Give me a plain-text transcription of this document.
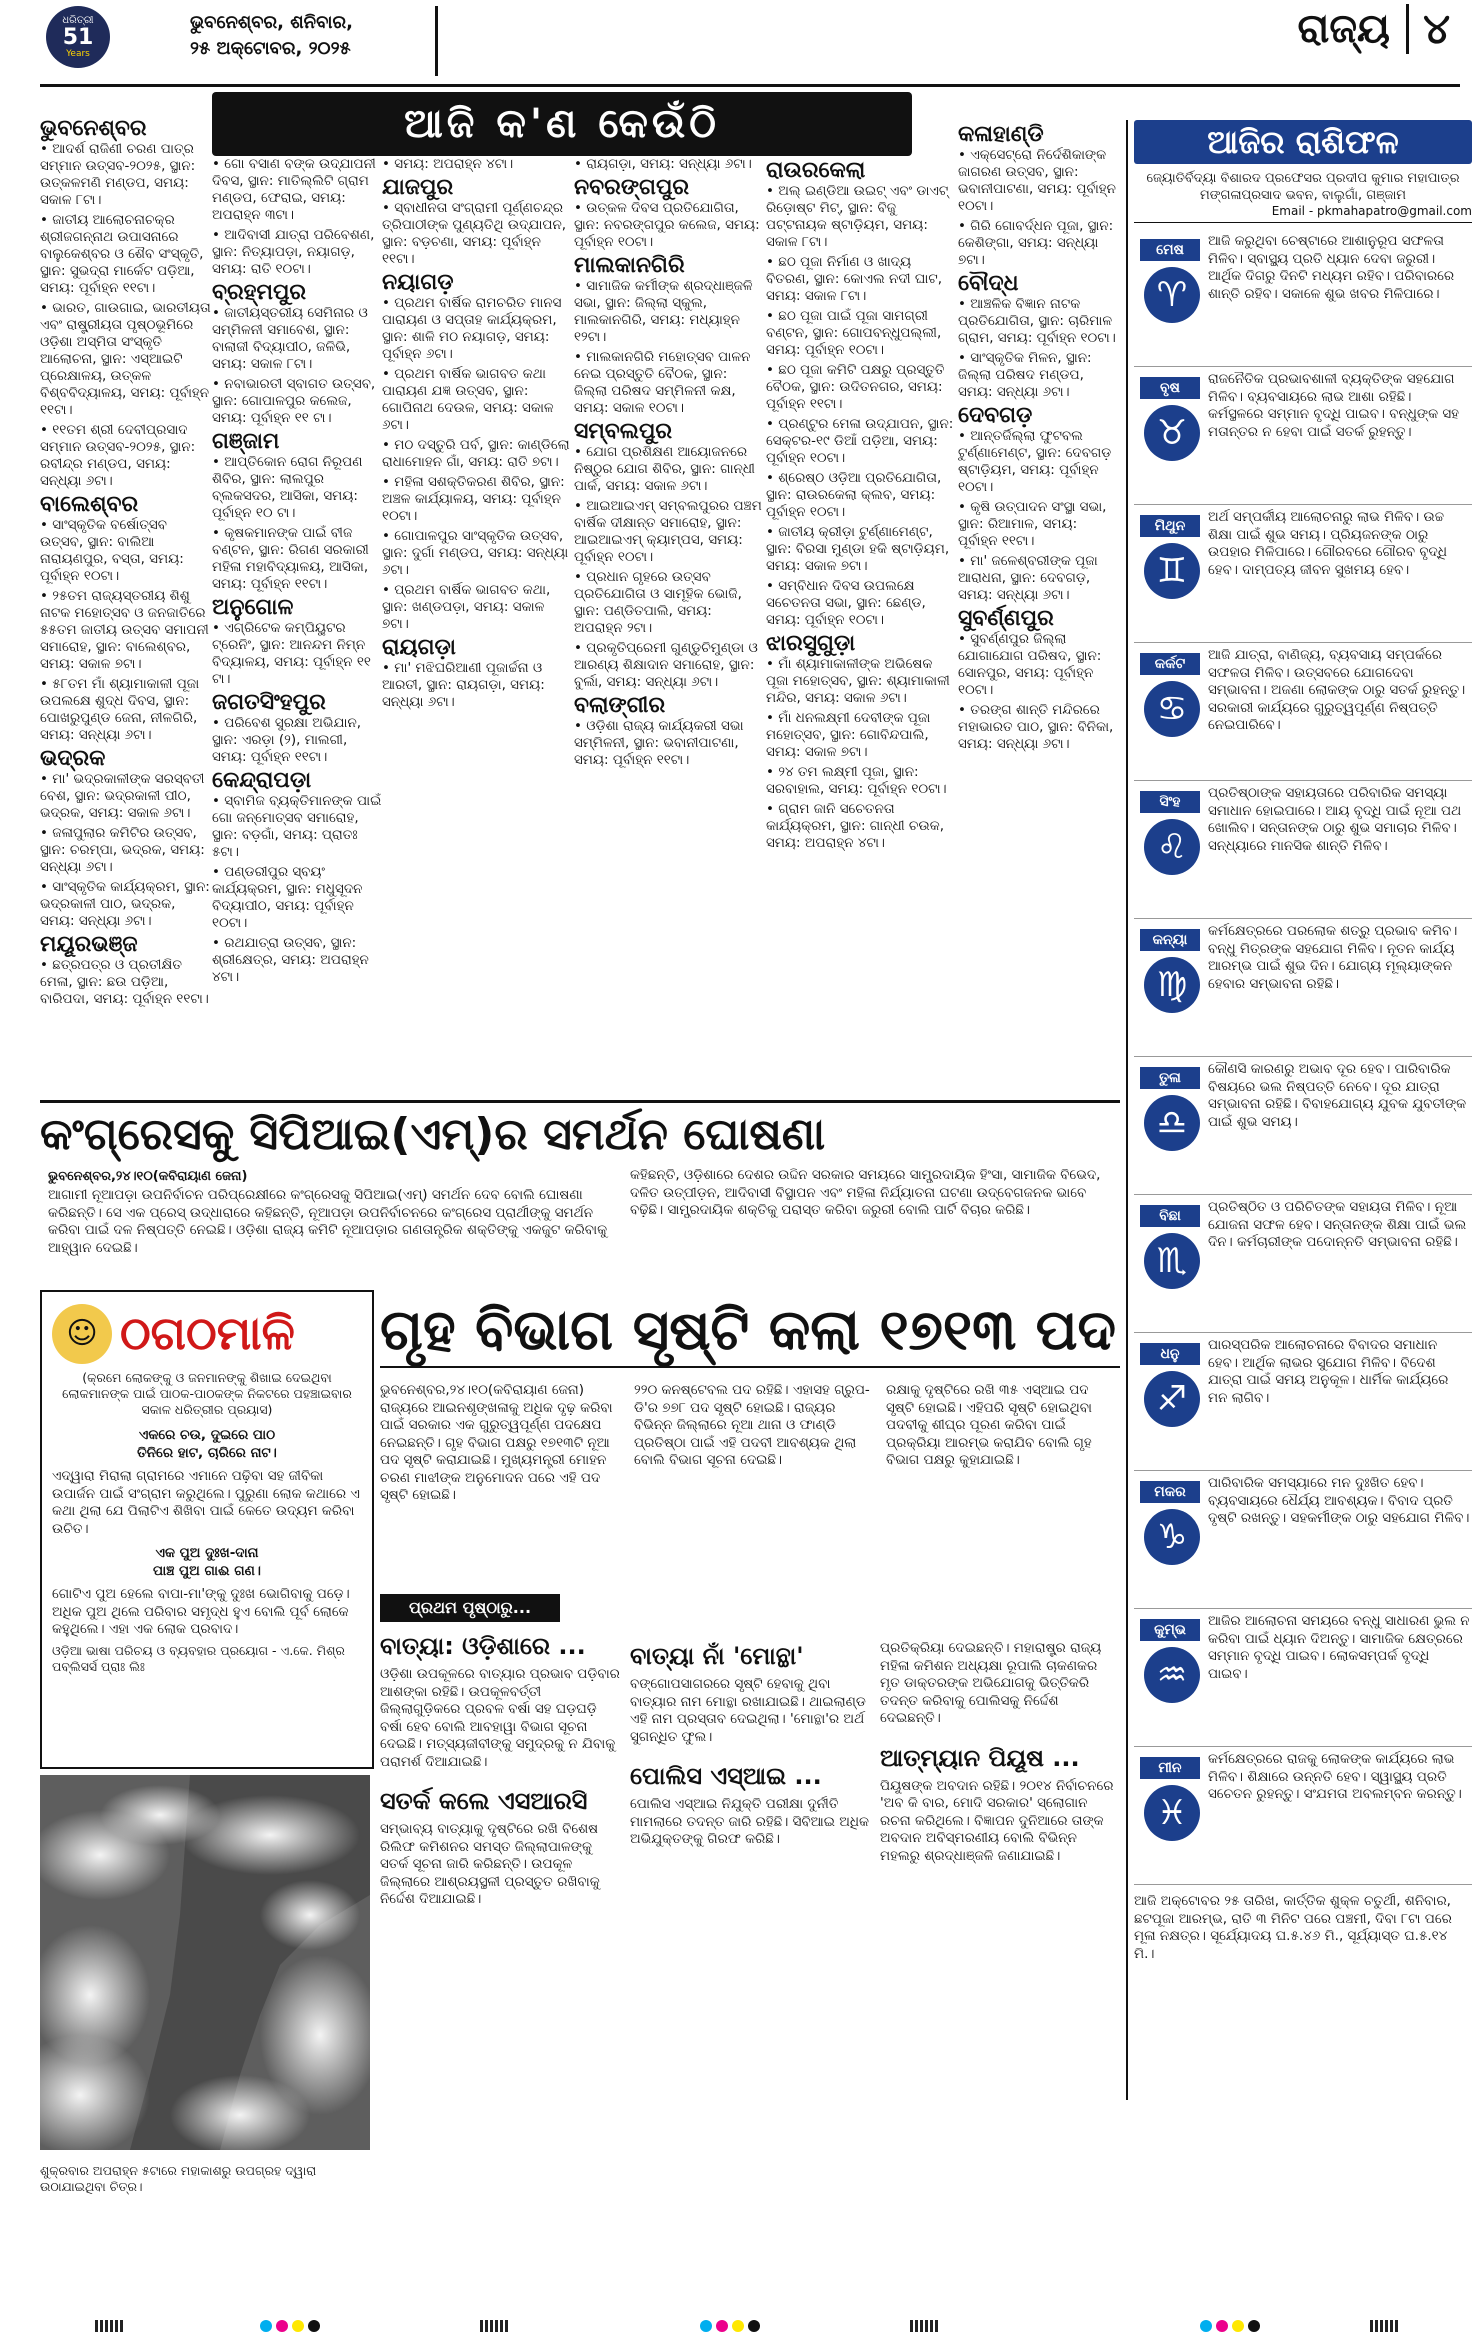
ଧରିତ୍ରୀ
51
Years
ଭୁବନେଶ୍ବର, ଶନିବାର,
୨୫ ଅକ୍ଟୋବର, ୨୦୨୫	ରାଜ୍ୟ ୪
ଭୁବନେଶ୍ବର
• ଆଦର୍ଶ ରାଜିଣୀ ଚରଣ ପାତ୍ର ସମ୍ମାନ ଉତ୍ସବ-୨୦୨୫, ସ୍ଥାନ: ଉତ୍କଳମଣି ମଣ୍ଡପ, ସମୟ: ସକାଳ ୮ଟା।
• ଜାତୀୟ ଆଲୋଚନାଚକ୍ର ଶ୍ରୀଜଗନ୍ନାଥ ଉପାସନାରେ ବାଲୁକେଶ୍ବର ଓ ଶୈବ ସଂସ୍କୃତି, ସ୍ଥାନ: ସୁଭଦ୍ରା ମାର୍କେଟ ପଡ଼ିଆ, ସମୟ: ପୂର୍ବାହ୍ନ ୧୧ଟା।
• ଭାରତ, ଗାଉଗାଇ, ଭାରତୀୟତା ଏବଂ ରାଷ୍ଟ୍ରୀୟତା ପୃଷ୍ଠଭୂମିରେ ଓଡ଼ିଶା ଅସ୍ମିତା ସଂସ୍କୃତି ଆଲୋଚନା, ସ୍ଥାନ: ଏସ୍‌ଆଇଟି ପ୍ରେକ୍ଷାଳୟ, ଉତ୍କଳ ବିଶ୍ବବିଦ୍ୟାଳୟ, ସମୟ: ପୂର୍ବାହ୍ନ ୧୧ଟା।
• ୧୧ତମ ଶ୍ରୀ ଦେବୀପ୍ରସାଦ ସମ୍ମାନ ଉତ୍ସବ-୨୦୨୫, ସ୍ଥାନ: ରବୀନ୍ଦ୍ର ମଣ୍ଡପ, ସମୟ: ସନ୍ଧ୍ୟା ୬ଟା।
ବାଲେଶ୍ବର
• ସାଂସ୍କୃତିକ ବର୍ଷୋତ୍ସବ ଉତ୍ସବ, ସ୍ଥାନ: ବାଲିଆ ନାରାୟଣପୁର, ବସ୍ତା, ସମୟ: ପୂର୍ବାହ୍ନ ୧୦ଟା।
• ୨୫ତମ ରାଜ୍ୟସ୍ତରୀୟ ଶିଶୁ ନାଟକ ମହୋତ୍ସବ ଓ ଜନଜାତିରେ ୫୫ତମ ଜାତୀୟ ଉତ୍ସବ ସମାପନୀ ସମାରୋହ, ସ୍ଥାନ: ବାଲେଶ୍ବର, ସମୟ: ସକାଳ ୭ଟା।
• ୫୮ତମ ମାଁ ଶ୍ୟାମାକାଳୀ ପୂଜା ଉପଲକ୍ଷେ ଶୁଦ୍ଧ ଦିବସ, ସ୍ଥାନ: ପୋଖରୁପୁଣ୍ଡ ଜେନା, ନୀଳଗିରି, ସମୟ: ସନ୍ଧ୍ୟା ୬ଟା।
ଭଦ୍ରକ
• ମା' ଭଦ୍ରକାଳୀଙ୍କ ସରସ୍ବତୀ ବେଶ, ସ୍ଥାନ: ଭଦ୍ରକାଳୀ ପୀଠ, ଭଦ୍ରକ, ସମୟ: ସକାଳ ୬ଟା।
• ଜଳାପୁଲାର କମିଟିର ଉତ୍ସବ, ସ୍ଥାନ: ଚରମ୍ପା, ଭଦ୍ରକ, ସମୟ: ସନ୍ଧ୍ୟା ୬ଟା।
• ସାଂସ୍କୃତିକ କାର୍ଯ୍ୟକ୍ରମ, ସ୍ଥାନ: ଭଦ୍ରକାଳୀ ପାଠ, ଭଦ୍ରକ, ସମୟ: ସନ୍ଧ୍ୟା ୬ଟା।
ମୟୂରଭଞ୍ଜ
• ଛତ୍ରପତ୍ର ଓ ପ୍ରତୀକ୍ଷିତ ମେଳା, ସ୍ଥାନ: ଛଉ ପଡ଼ିଆ, ବାରିପଦା, ସମୟ: ପୂର୍ବାହ୍ନ ୧୧ଟା।
• ଗୋ ବସାଣ ବଙ୍କ ଉଦ୍‌ଯାପନୀ ଦିବସ, ସ୍ଥାନ: ମାତିଲ୍ଲିଟି ଗ୍ରାମ ମଣ୍ଡପ, ଫେରାଇ, ସମୟ: ଅପରାହ୍ନ ୩ଟା।
• ଆଦିବାସୀ ଯାତ୍ରା ପରିବେଶଣ, ସ୍ଥାନ: ନିତ୍ୟାପଡ଼ା, ନୟାଗଡ଼, ସମୟ: ରାତି ୧୦ଟା।
ବ୍ରହ୍ମପୁର
• ଜାତୀୟସ୍ତରୀୟ ସେମିନାର ଓ ସମ୍ମିଳନୀ ସମାବେଶ, ସ୍ଥାନ: ବାଲାଜୀ ବିଦ୍ୟାପୀଠ, ଜଳିଭି, ସମୟ: ସକାଳ ୮ଟା।
• ନବାଭାରତୀ ସ୍ବାଗତ ଉତ୍ସବ, ସ୍ଥାନ: ଗୋପାଳପୁର କଲେଜ, ସମୟ: ପୂର୍ବାହ୍ନ ୧୧ ଟା।
ଗଞ୍ଜାମ
• ଆପ୍ତିକୋନ ରୋଗ ନିରୂପଣ ଶିବିର, ସ୍ଥାନ: ଲାଲପୁର ବ୍ଲକସଦର, ଆସିକା, ସମୟ: ପୂର୍ବାହ୍ନ ୧୦ ଟା।
• କୃଷକମାନଙ୍କ ପାଇଁ ବୀଜ ବଣ୍ଟନ, ସ୍ଥାନ: ରିଗଣ ସରକାରୀ ମହିଳା ମହାବିଦ୍ୟାଳୟ, ଆସିକା, ସମୟ: ପୂର୍ବାହ୍ନ ୧୧ଟା।
ଅନୁଗୋଳ
• ଏଗ୍ରିଟେକ କମ୍ପିୟୁଟର ଟ୍ରେନିଂ, ସ୍ଥାନ: ଆନନ୍ଦମ ନିମ୍ନ ବିଦ୍ୟାଳୟ, ସମୟ: ପୂର୍ବାହ୍ନ ୧୧ ଟା।
ଜଗତସିଂହପୁର
• ପରିବେଶ ସୁରକ୍ଷା ଅଭିଯାନ, ସ୍ଥାନ: ଏରଡ଼ା (୨), ମାଲଗୀ, ସମୟ: ପୂର୍ବାହ୍ନ ୧୧ଟା।
କେନ୍ଦ୍ରାପଡ଼ା
• ସ୍ବାମିଜ ବ୍ୟକ୍ତିମାନଙ୍କ ପାଇଁ ଗୋ ଜନ୍ମୋତ୍ସବ ସମାରୋହ, ସ୍ଥାନ: ବଡ଼ଗାଁ, ସମୟ: ପ୍ରାତଃ ୫ଟା।
• ପଣ୍ଡରୀପୁର ସ୍ବୟଂ କାର୍ଯ୍ୟକ୍ରମ, ସ୍ଥାନ: ମଧୁସୂଦନ ବିଦ୍ୟାପୀଠ, ସମୟ: ପୂର୍ବାହ୍ନ ୧୦ଟା।
• ରଥଯାତ୍ରା ଉତ୍ସବ, ସ୍ଥାନ: ଶ୍ରୀକ୍ଷେତ୍ର, ସମୟ: ଅପରାହ୍ନ ୪ଟା।
• ସମୟ: ଅପରାହ୍ନ ୪ଟା।
ଯାଜପୁର
• ସ୍ବାଧୀନତା ସଂଗ୍ରାମୀ ପୂର୍ଣ୍ଣଚନ୍ଦ୍ର ତ୍ରିପାଠୀଙ୍କ ପୁଣ୍ୟତିଥି ଉଦ୍‌ଯାପନ, ସ୍ଥାନ: ବଡ଼ଚଣା, ସମୟ: ପୂର୍ବାହ୍ନ ୧୧ଟା।
ନୟାଗଡ଼
• ପ୍ରଥମ ବାର୍ଷିକ ରାମଚରିତ ମାନସ ପାରାୟଣ ଓ ସପ୍ତାହ କାର୍ଯ୍ୟକ୍ରମ, ସ୍ଥାନ: ଶାଳି ମଠ ନୟାଗଡ଼, ସମୟ: ପୂର୍ବାହ୍ନ ୬ଟା।
• ପ୍ରଥମ ବାର୍ଷିକ ଭାଗବତ କଥା ପାରାୟଣ ଯଜ୍ଞ ଉତ୍ସବ, ସ୍ଥାନ: ଗୋପିନାଥ ଦେଉଳ, ସମୟ: ସକାଳ ୬ଟା।
• ମଠ ଦସ୍ତୁରି ପର୍ବ, ସ୍ଥାନ: କାଣ୍ଡିଲୋ ରାଧାମୋହନ ଗାଁ, ସମୟ: ରାତି ୭ଟା।
• ମହିଳା ସଶକ୍ତିକରଣ ଶିବିର, ସ୍ଥାନ: ଅଞ୍ଚଳ କାର୍ଯ୍ୟାଳୟ, ସମୟ: ପୂର୍ବାହ୍ନ ୧୦ଟା।
• ଗୋପାଳପୁର ସାଂସ୍କୃତିକ ଉତ୍ସବ, ସ୍ଥାନ: ଦୁର୍ଗା ମଣ୍ଡପ, ସମୟ: ସନ୍ଧ୍ୟା ୬ଟା।
• ପ୍ରଥମ ବାର୍ଷିକ ଭାଗବତ କଥା, ସ୍ଥାନ: ଖଣ୍ଡପଡ଼ା, ସମୟ: ସକାଳ ୭ଟା।
ରାୟଗଡ଼ା
• ମା' ମଝିଘରିଆଣୀ ପୂଜାର୍ଚ୍ଚନା ଓ ଆରତୀ, ସ୍ଥାନ: ରାୟଗଡ଼ା, ସମୟ: ସନ୍ଧ୍ୟା ୬ଟା।
• ରାୟଗଡ଼ା, ସମୟ: ସନ୍ଧ୍ୟା ୬ଟା।
ନବରଙ୍ଗପୁର
• ଉତ୍କଳ ଦିବସ ପ୍ରତିଯୋଗିତା, ସ୍ଥାନ: ନବରଙ୍ଗପୁର କଲେଜ, ସମୟ: ପୂର୍ବାହ୍ନ ୧୦ଟା।
ମାଲକାନଗିରି
• ସାମାଜିକ କର୍ମୀଙ୍କ ଶ୍ରଦ୍ଧାଞ୍ଜଳି ସଭା, ସ୍ଥାନ: ଜିଲ୍ଲା ସ୍କୁଲ, ମାଲକାନଗିରି, ସମୟ: ମଧ୍ୟାହ୍ନ ୧୨ଟା।
• ମାଲକାନଗିରି ମହୋତ୍ସବ ପାଳନ ନେଇ ପ୍ରସ୍ତୁତି ବୈଠକ, ସ୍ଥାନ: ଜିଲ୍ଲା ପରିଷଦ ସମ୍ମିଳନୀ କକ୍ଷ, ସମୟ: ସକାଳ ୧୦ଟା।
ସମ୍ବଲପୁର
• ଯୋଗ ପ୍ରଶିକ୍ଷଣ ଆୟୋଜନରେ ନିଷ୍ଠୁର ଯୋଗ ଶିବିର, ସ୍ଥାନ: ଗାନ୍ଧୀ ପାର୍କ, ସମୟ: ସକାଳ ୬ଟା।
• ଆଇଆଇଏମ୍ ସମ୍ବଲପୁରର ପଞ୍ଚମ ବାର୍ଷିକ ଦୀକ୍ଷାନ୍ତ ସମାରୋହ, ସ୍ଥାନ: ଆଇଆଇଏମ୍ କ୍ୟାମ୍ପସ, ସମୟ: ପୂର୍ବାହ୍ନ ୧୦ଟା।
• ପ୍ରଧାନ ଗୃହରେ ଉତ୍ସବ ପ୍ରତିଯୋଗିତା ଓ ସାମୂହିକ ଭୋଜି, ସ୍ଥାନ: ପଣ୍ଡିତପାଲି, ସମୟ: ଅପରାହ୍ନ ୨ଟା।
• ପ୍ରକୃତିପ୍ରେମୀ ଗୁଣ୍ଡୁଚିମୁଣ୍ଡା ଓ ଆରଣ୍ୟ ଶିକ୍ଷାଦାନ ସମାରୋହ, ସ୍ଥାନ: ବୁର୍ଲା, ସମୟ: ସନ୍ଧ୍ୟା ୬ଟା।
ବଲାଙ୍ଗୀର
• ଓଡ଼ିଶା ରାଜ୍ୟ କାର୍ଯ୍ୟକରୀ ସଭା ସମ୍ମିଳନୀ, ସ୍ଥାନ: ଭବାନୀପାଟଣା, ସମୟ: ପୂର୍ବାହ୍ନ ୧୧ଟା।
ରାଉରକେଲା
• ଅଲ୍ ଇଣ୍ଡିଆ ଉଇଟ୍ ଏବଂ ଡାଏଟ୍ ରିଡ଼ୋଷ୍ଟ ମିଟ୍, ସ୍ଥାନ: ବିଜୁ ପଟ୍ଟନାୟକ ଷ୍ଟାଡ଼ିୟମ, ସମୟ: ସକାଳ ୮ଟା।
• ଛଠ ପୂଜା ନିର୍ମାଣ ଓ ଖାଦ୍ୟ ବିତରଣ, ସ୍ଥାନ: କୋଏଲ ନଦୀ ଘାଟ, ସମୟ: ସକାଳ ୮ଟା।
• ଛଠ ପୂଜା ପାଇଁ ପୂଜା ସାମଗ୍ରୀ ବଣ୍ଟନ, ସ୍ଥାନ: ଗୋପବନ୍ଧୁପଲ୍ଲୀ, ସମୟ: ପୂର୍ବାହ୍ନ ୧୦ଟା।
• ଛଠ ପୂଜା କମିଟି ପକ୍ଷରୁ ପ୍ରସ୍ତୁତି ବୈଠକ, ସ୍ଥାନ: ଉଦିତନଗର, ସମୟ: ପୂର୍ବାହ୍ନ ୧୧ଟା।
• ପ୍ରଣ୍ଟୁର ମେଳା ଉଦ୍‌ଯାପନ, ସ୍ଥାନ: ସେକ୍ଟର-୧୯ ଡିଆଁ ପଡ଼ିଆ, ସମୟ: ପୂର୍ବାହ୍ନ ୧୦ଟା।
• ଶ୍ରେଷ୍ଠ ଓଡ଼ିଆ ପ୍ରତିଯୋଗିତା, ସ୍ଥାନ: ରାଉରକେଲା କ୍ଲବ, ସମୟ: ପୂର୍ବାହ୍ନ ୧୦ଟା।
• ଜାତୀୟ କ୍ରୀଡ଼ା ଟୁର୍ଣ୍ଣାମେଣ୍ଟ, ସ୍ଥାନ: ବିରସା ମୁଣ୍ଡା ହକି ଷ୍ଟାଡ଼ିୟମ, ସମୟ: ସକାଳ ୭ଟା।
• ସମ୍ବିଧାନ ଦିବସ ଉପଲକ୍ଷେ ସଚେତନତା ସଭା, ସ୍ଥାନ: ଛେଣ୍ଡ, ସମୟ: ପୂର୍ବାହ୍ନ ୧୦ଟା।
ଝାରସୁଗୁଡ଼ା
• ମାଁ ଶ୍ୟାମାକାଳୀଙ୍କ ଅଭିଷେକ ପୂଜା ମହୋତ୍ସବ, ସ୍ଥାନ: ଶ୍ୟାମାକାଳୀ ମନ୍ଦିର, ସମୟ: ସକାଳ ୬ଟା।
• ମାଁ ଧନଲକ୍ଷ୍ମୀ ଦେବୀଙ୍କ ପୂଜା ମହୋତ୍ସବ, ସ୍ଥାନ: ଗୋବିନ୍ଦପାଲି, ସମୟ: ସକାଳ ୭ଟା।
• ୨୪ ତମ ଲକ୍ଷ୍ମୀ ପୂଜା, ସ୍ଥାନ: ସରବାହାଲ, ସମୟ: ପୂର୍ବାହ୍ନ ୧୦ଟା।
• ଗ୍ରାମ ଜାନି ସଚେତନତା କାର୍ଯ୍ୟକ୍ରମ, ସ୍ଥାନ: ଗାନ୍ଧୀ ଚଉକ, ସମୟ: ଅପରାହ୍ନ ୪ଟା।
କଳାହାଣ୍ଡି
• ଏକ୍‌ସେଟ୍ରୋ ନିର୍ଦେଶିକାଙ୍କ ଜାଗରଣ ଉତ୍ସବ, ସ୍ଥାନ: ଭବାନୀପାଟଣା, ସମୟ: ପୂର୍ବାହ୍ନ ୧୦ଟା।
• ଗିରି ଗୋବର୍ଦ୍ଧନ ପୂଜା, ସ୍ଥାନ: କେଶିଙ୍ଗା, ସମୟ: ସନ୍ଧ୍ୟା ୭ଟା।
ବୌଦ୍ଧ
• ଆଞ୍ଚଳିକ ବିଜ୍ଞାନ ନାଟକ ପ୍ରତିଯୋଗିତା, ସ୍ଥାନ: ଚାରିମାଳ ଗ୍ରାମ, ସମୟ: ପୂର୍ବାହ୍ନ ୧୦ଟା।
• ସାଂସ୍କୃତିକ ମିଳନ, ସ୍ଥାନ: ଜିଲ୍ଲା ପରିଷଦ ମଣ୍ଡପ, ସମୟ: ସନ୍ଧ୍ୟା ୬ଟା।
ଦେବଗଡ଼
• ଆନ୍ତର୍ଜିଲ୍ଲା ଫୁଟବଲ ଟୁର୍ଣ୍ଣାମେଣ୍ଟ, ସ୍ଥାନ: ଦେବଗଡ଼ ଷ୍ଟାଡ଼ିୟମ, ସମୟ: ପୂର୍ବାହ୍ନ ୧୦ଟା।
• କୃଷି ଉତ୍ପାଦନ ସଂସ୍ଥା ସଭା, ସ୍ଥାନ: ରିଆମାଳ, ସମୟ: ପୂର୍ବାହ୍ନ ୧୧ଟା।
• ମା' ଜଳେଶ୍ବରୀଙ୍କ ପୂଜା ଆରାଧନା, ସ୍ଥାନ: ଦେବଗଡ଼, ସମୟ: ସନ୍ଧ୍ୟା ୬ଟା।
ସୁବର୍ଣ୍ଣପୁର
• ସୁବର୍ଣ୍ଣପୁର ଜିଲ୍ଲା ଯୋଗାଯୋଗ ପରିଷଦ, ସ୍ଥାନ: ସୋନପୁର, ସମୟ: ପୂର୍ବାହ୍ନ ୧୦ଟା।
• ତରଙ୍ଗ ଶାନ୍ତି ମନ୍ଦିରରେ ମହାଭାରତ ପାଠ, ସ୍ଥାନ: ବିନିକା, ସମୟ: ସନ୍ଧ୍ୟା ୬ଟା।
ଆଜି କ'ଣ କେଉଁଠି	ଆଜିର ରାଶିଫଳ
ଜ୍ୟୋତିର୍ବିଦ୍ୟା ବିଶାରଦ ପ୍ରଫେସର ପ୍ରଦୀପ କୁମାର ମହାପାତ୍ର
ମଙ୍ଗଳାପ୍ରସାଦ ଭବନ, ବାଲୁଗାଁ, ଗଞ୍ଜାମ
Email - pkmahapatro@gmail.com
ମେଷ
♈
ଆଜି କରୁଥିବା ଚେଷ୍ଟାରେ ଆଶାନୁରୂପ ସଫଳତା ମିଳିବ। ସ୍ବାସ୍ଥ୍ୟ ପ୍ରତି ଧ୍ୟାନ ଦେବା ଜରୁରୀ। ଆର୍ଥିକ ଦିଗରୁ ଦିନଟି ମଧ୍ୟମ ରହିବ। ପରିବାରରେ ଶାନ୍ତି ରହିବ। ସକାଳେ ଶୁଭ ଖବର ମିଳିପାରେ।
ବୃଷ
♉
ରାଜନୈତିକ ପ୍ରଭାବଶାଳୀ ବ୍ୟକ୍ତିଙ୍କ ସହଯୋଗ ମିଳିବ। ବ୍ୟବସାୟରେ ଲାଭ ଆଶା ରହିଛି। କର୍ମସ୍ଥଳରେ ସମ୍ମାନ ବୃଦ୍ଧି ପାଇବ। ବନ୍ଧୁଙ୍କ ସହ ମତାନ୍ତର ନ ହେବା ପାଇଁ ସତର୍କ ରୁହନ୍ତୁ।
ମିଥୁନ
♊
ଅର୍ଥ ସମ୍ପର୍କୀୟ ଆଲୋଚନାରୁ ଲାଭ ମିଳିବ। ଉଚ୍ଚ ଶିକ୍ଷା ପାଇଁ ଶୁଭ ସମୟ। ପ୍ରିୟଜନଙ୍କ ଠାରୁ ଉପହାର ମିଳିପାରେ। ଗୌରବରେ ଗୌରବ ବୃଦ୍ଧି ହେବ। ଦାମ୍ପତ୍ୟ ଜୀବନ ସୁଖମୟ ହେବ।
କର୍କଟ
♋
ଆଜି ଯାତ୍ରା, ବାଣିଜ୍ୟ, ବ୍ୟବସାୟ ସମ୍ପର୍କରେ ସଫଳତା ମିଳିବ। ଉତ୍ସବରେ ଯୋଗଦେବା ସମ୍ଭାବନା। ଅଜଣା ଲୋକଙ୍କ ଠାରୁ ସତର୍କ ରୁହନ୍ତୁ। ସରକାରୀ କାର୍ଯ୍ୟରେ ଗୁରୁତ୍ୱପୂର୍ଣ୍ଣ ନିଷ୍ପତ୍ତି ନେଇପାରିବେ।
ସିଂହ
♌
ପ୍ରତିଷ୍ଠାଙ୍କ ସହାୟତାରେ ପରିବାରିକ ସମସ୍ୟା ସମାଧାନ ହୋଇପାରେ। ଆୟ ବୃଦ୍ଧି ପାଇଁ ନୂଆ ପଥ ଖୋଲିବ। ସନ୍ତାନଙ୍କ ଠାରୁ ଶୁଭ ସମାଚାର ମିଳିବ। ସନ୍ଧ୍ୟାରେ ମାନସିକ ଶାନ୍ତି ମିଳିବ।
କନ୍ୟା
♍
କର୍ମକ୍ଷେତ୍ରରେ ପରଲୋକ ଶତ୍ରୁ ପ୍ରଭାବ କମିବ। ବନ୍ଧୁ ମିତ୍ରଙ୍କ ସହଯୋଗ ମିଳିବ। ନୂତନ କାର୍ଯ୍ୟ ଆରମ୍ଭ ପାଇଁ ଶୁଭ ଦିନ। ଯୋଗ୍ୟ ମୂଲ୍ୟାଙ୍କନ ହେବାର ସମ୍ଭାବନା ରହିଛି।
ତୁଳା
♎
କୌଣସି କାରଣରୁ ଅଭାବ ଦୂର ହେବ। ପାରିବାରିକ ବିଷୟରେ ଭଲ ନିଷ୍ପତ୍ତି ନେବେ। ଦୂର ଯାତ୍ରା ସମ୍ଭାବନା ରହିଛି। ବିବାହଯୋଗ୍ୟ ଯୁବକ ଯୁବତୀଙ୍କ ପାଇଁ ଶୁଭ ସମୟ।
ବିଛା
♏
ପ୍ରତିଷ୍ଠିତ ଓ ପରିଚିତଙ୍କ ସହାୟତା ମିଳିବ। ନୂଆ ଯୋଜନା ସଫଳ ହେବ। ସନ୍ତାନଙ୍କ ଶିକ୍ଷା ପାଇଁ ଭଲ ଦିନ। କର୍ମଚାରୀଙ୍କ ପଦୋନ୍ନତି ସମ୍ଭାବନା ରହିଛି।
ଧନୁ
♐
ପାରସ୍ପରିକ ଆଲୋଚନାରେ ବିବାଦର ସମାଧାନ ହେବ। ଆର୍ଥିକ ଲାଭର ସୁଯୋଗ ମିଳିବ। ବିଦେଶ ଯାତ୍ରା ପାଇଁ ସମୟ ଅନୁକୂଳ। ଧାର୍ମିକ କାର୍ଯ୍ୟରେ ମନ ଲାଗିବ।
ମକର
♑
ପାରିବାରିକ ସମସ୍ୟାରେ ମନ ଦୁଃଖିତ ହେବ। ବ୍ୟବସାୟରେ ଧୈର୍ଯ୍ୟ ଆବଶ୍ୟକ। ବିବାଦ ପ୍ରତି ଦୃଷ୍ଟି ରଖନ୍ତୁ। ସହକର୍ମୀଙ୍କ ଠାରୁ ସହଯୋଗ ମିଳିବ।
କୁମ୍ଭ
♒
ଆଜିର ଆଲୋଚନା ସମୟରେ ବନ୍ଧୁ ସାଧାରଣ ଭୁଲ ନ କରିବା ପାଇଁ ଧ୍ୟାନ ଦିଅନ୍ତୁ। ସାମାଜିକ କ୍ଷେତ୍ରରେ ସମ୍ମାନ ବୃଦ୍ଧି ପାଇବ। ଲୋକସମ୍ପର୍କ ବୃଦ୍ଧି ପାଇବ।
ମୀନ
♓
କର୍ମକ୍ଷେତ୍ରରେ ରାଜକୁ ଲୋକଙ୍କ କାର୍ଯ୍ୟରେ ଲାଭ ମିଳିବ। ଶିକ୍ଷାରେ ଉନ୍ନତି ହେବ। ସ୍ୱାସ୍ଥ୍ୟ ପ୍ରତି ସଚେତନ ରୁହନ୍ତୁ। ସଂଯମତା ଅବଲମ୍ବନ କରନ୍ତୁ।
ଆଜି ଅକ୍ଟୋବର ୨୫ ତାରିଖ, କାର୍ତ୍ତିକ ଶୁକ୍ଳ ଚତୁର୍ଥୀ, ଶନିବାର, ଛଟପୂଜା ଆରମ୍ଭ, ରାତି ୩ ମିନିଟ ପରେ ପଞ୍ଚମୀ, ଦିବା ୮ଟା ପରେ ମୂଳା ନକ୍ଷତ୍ର। ସୂର୍ଯ୍ୟୋଦୟ ଘ.୫.୪୬ ମି., ସୂର୍ଯ୍ୟାସ୍ତ ଘ.୫.୧୪ ମି.।
କଂଗ୍ରେସକୁ ସିପିଆଇ(ଏମ୍)ର ସମର୍ଥନ ଘୋଷଣା
ଭୁବନେଶ୍ବର,୨୪।୧୦(କବିରାୟାଣ ଜେନା)
ଆଗାମୀ ନୂଆପଡ଼ା ଉପନିର୍ବାଚନ ପରିପ୍ରେକ୍ଷୀରେ କଂଗ୍ରେସକୁ ସିପିଆଇ(ଏମ୍) ସମର୍ଥନ ଦେବ ବୋଲି ଘୋଷଣା କରିଛନ୍ତି। ସେ ଏକ ପ୍ରେସ୍ ଉଦ୍ଧାରାରେ କହିଛନ୍ତି, ନୂଆପଡ଼ା ଉପନିର୍ବାଚନରେ କଂଗ୍ରେସ ପ୍ରାର୍ଥୀଙ୍କୁ ସମର୍ଥନ କରିବା ପାଇଁ ଦଳ ନିଷ୍ପତ୍ତି ନେଇଛି। ଓଡ଼ିଶା ରାଜ୍ୟ କମିଟି ନୂଆପଡ଼ାର ଗଣତାନ୍ତ୍ରିକ ଶକ୍ତିଙ୍କୁ ଏକଜୁଟ କରିବାକୁ ଆହ୍ୱାନ ଦେଇଛି।
କହିଛନ୍ତି, ଓଡ଼ିଶାରେ ଦେଶର ଉଦ୍ଦିନ ସରକାର ସମୟରେ ସାମ୍ପ୍ରଦାୟିକ ହିଂସା, ସାମାଜିକ ବିଭେଦ, ଦଳିତ ଉତ୍ପୀଡ଼ନ, ଆଦିବାସୀ ବିସ୍ଥାପନ ଏବଂ ମହିଳା ନିର୍ଯ୍ୟାତନା ଘଟଣା ଉଦ୍‌ବେଗଜନକ ଭାବେ ବଢ଼ିଛି। ସାମ୍ପ୍ରଦାୟିକ ଶକ୍ତିକୁ ପରାସ୍ତ କରିବା ଜରୁରୀ ବୋଲି ପାର୍ଟି ବିଚାର କରିଛି।
☺ ଠଗଠମାଳି
(କ୍ରମେ ଲୋକଙ୍କୁ ଓ ଜନମାନଙ୍କୁ ଶିଖାଇ ଦେଇଥିବା ଲୋକମାନଙ୍କ ପାଇଁ ପାଠକ-ପାଠକଙ୍କ ନିକଟରେ ପହଞ୍ଚାଇବାର ସକାଳ ଧରିତ୍ରୀର ପ୍ରୟାସ)
ଏକରେ ଚଉ, ଦୁଇରେ ପାଠ
ତିନିରେ ହାଟ, ଚାରିରେ ନାଟ।
ଏଦ୍ୱାରା ମିରାଲା ଗ୍ରାମରେ ଏମାନେ ପଢ଼ିବା ସହ ଜୀବିକା ଉପାର୍ଜନ ପାଇଁ ସଂଗ୍ରାମ କରୁଥିଲେ। ପୁରୁଣା ଲୋକ କଥାରେ ଏ କଥା ଥିଲା ଯେ ପିଲାଟିଏ ଶିଖିବା ପାଇଁ କେତେ ଉଦ୍ୟମ କରିବା ଉଚିତ।
ଏକ ପୁଅ ଦୁଃଖ-ଦାନା
ପାଞ୍ଚ ପୁଅ ଗାଈ ଗଣ।
ଗୋଟିଏ ପୁଅ ହେଲେ ବାପା-ମା'ଙ୍କୁ ଦୁଃଖ ଭୋଗିବାକୁ ପଡ଼େ। ଅଧିକ ପୁଅ ଥିଲେ ପରିବାର ସମୃଦ୍ଧ ହୁଏ ବୋଲି ପୂର୍ବ ଲୋକେ କହୁଥିଲେ। ଏହା ଏକ ଲୋକ ପ୍ରବାଦ।
ଓଡ଼ିଆ ଭାଷା ପରିଚୟ ଓ ବ୍ୟବହାର ପ୍ରୟୋଗ - ଏ.କେ. ମିଶ୍ର ପବ୍ଲିସର୍ସ ପ୍ରାଃ ଲିଃ
ଶୁକ୍ରବାର ଅପରାହ୍ନ ୫ଟାରେ ମହାକାଶରୁ ଉପଗ୍ରହ ଦ୍ୱାରା ଉଠାଯାଇଥିବା ଚିତ୍ର।
ଗୃହ ବିଭାଗ ସୃଷ୍ଟି କଲା ୧୭୧୩ ପଦ
ଭୁବନେଶ୍ବର,୨୪।୧୦(କବିରାୟାଣ ଜେନା) ରାଜ୍ୟରେ ଆଇନଶୃଙ୍ଖଳାକୁ ଅଧିକ ଦୃଢ଼ କରିବା ପାଇଁ ସରକାର ଏକ ଗୁରୁତ୍ୱପୂର୍ଣ୍ଣ ପଦକ୍ଷେପ ନେଇଛନ୍ତି। ଗୃହ ବିଭାଗ ପକ୍ଷରୁ ୧୭୧୩ଟି ନୂଆ ପଦ ସୃଷ୍ଟି କରାଯାଇଛି। ମୁଖ୍ୟମନ୍ତ୍ରୀ ମୋହନ ଚରଣ ମାଝୀଙ୍କ ଅନୁମୋଦନ ପରେ ଏହି ପଦ ସୃଷ୍ଟି ହୋଇଛି।
୨୨୦ କନଷ୍ଟେବଲ ପଦ ରହିଛି। ଏହାସହ ଗ୍ରୁପ-ଡି'ର ୭୭୮ ପଦ ସୃଷ୍ଟି ହୋଇଛି। ରାଜ୍ୟର ବିଭିନ୍ନ ଜିଲ୍ଲାରେ ନୂଆ ଥାନା ଓ ଫାଣ୍ଡି ପ୍ରତିଷ୍ଠା ପାଇଁ ଏହି ପଦବୀ ଆବଶ୍ୟକ ଥିଲା ବୋଲି ବିଭାଗ ସୂଚନା ଦେଇଛି।
ରକ୍ଷାକୁ ଦୃଷ୍ଟିରେ ରଖି ୩୫ ଏସ୍‌ଆଇ ପଦ ସୃଷ୍ଟି ହୋଇଛି। ଏହିପରି ସୃଷ୍ଟି ହୋଇଥିବା ପଦବୀକୁ ଶୀଘ୍ର ପୂରଣ କରିବା ପାଇଁ ପ୍ରକ୍ରିୟା ଆରମ୍ଭ କରାଯିବ ବୋଲି ଗୃହ ବିଭାଗ ପକ୍ଷରୁ କୁହାଯାଇଛି।
ପ୍ରଥମ ପୃଷ୍ଠାରୁ...
ବାତ୍ୟା: ଓଡ଼ିଶାରେ ...
ଓଡ଼ିଶା ଉପକୂଳରେ ବାତ୍ୟାର ପ୍ରଭାବ ପଡ଼ିବାର ଆଶଙ୍କା ରହିଛି। ଉପକୂଳବର୍ତ୍ତୀ ଜିଲ୍ଲାଗୁଡ଼ିକରେ ପ୍ରବଳ ବର୍ଷା ସହ ଘଡ଼ଘଡ଼ି ବର୍ଷା ହେବ ବୋଲି ଆବହାୱା ବିଭାଗ ସୂଚନା ଦେଇଛି। ମତ୍ସ୍ୟଜୀବୀଙ୍କୁ ସମୁଦ୍ରକୁ ନ ଯିବାକୁ ପରାମର୍ଶ ଦିଆଯାଇଛି।
ସତର୍କ କଲେ ଏସଆରସି
ସମ୍ଭାବ୍ୟ ବାତ୍ୟାକୁ ଦୃଷ୍ଟିରେ ରଖି ବିଶେଷ ରିଲିଫ କମିଶନର ସମସ୍ତ ଜିଲ୍ଲାପାଳଙ୍କୁ ସତର୍କ ସୂଚନା ଜାରି କରିଛନ୍ତି। ଉପକୂଳ ଜିଲ୍ଲାରେ ଆଶ୍ରୟସ୍ଥଳୀ ପ୍ରସ୍ତୁତ ରଖିବାକୁ ନିର୍ଦ୍ଦେଶ ଦିଆଯାଇଛି।
ବାତ୍ୟା ନାଁ 'ମୋନ୍ଥା'
ବଙ୍ଗୋପସାଗରରେ ସୃଷ୍ଟି ହେବାକୁ ଥିବା ବାତ୍ୟାର ନାମ ମୋନ୍ଥା ରଖାଯାଇଛି। ଥାଇଲାଣ୍ଡ ଏହି ନାମ ପ୍ରସ୍ତାବ ଦେଇଥିଲା। 'ମୋନ୍ଥା'ର ଅର୍ଥ ସୁଗନ୍ଧିତ ଫୁଲ।
ପୋଲିସ ଏସ୍‌ଆଇ ...
ପୋଲିସ ଏସ୍‌ଆଇ ନିଯୁକ୍ତି ପରୀକ୍ଷା ଦୁର୍ନୀତି ମାମଲାରେ ତଦନ୍ତ ଜାରି ରହିଛି। ସିବିଆଇ ଅଧିକ ଅଭିଯୁକ୍ତଙ୍କୁ ଗିରଫ କରିଛି।
ପ୍ରତିକ୍ରିୟା ଦେଇଛନ୍ତି। ମହାରାଷ୍ଟ୍ର ରାଜ୍ୟ ମହିଳା କମିଶନ ଅଧ୍ୟକ୍ଷା ରୂପାଲି ଚାକଣକର ମୃତ ଡାକ୍ତରଙ୍କ ଅଭିଯୋଗକୁ ଭିତ୍ତିକରି ତଦନ୍ତ କରିବାକୁ ପୋଲିସକୁ ନିର୍ଦ୍ଦେଶ ଦେଇଛନ୍ତି।
ଆତ୍ମ୍ୟାନ ପିୟୂଷ ...
ପିୟୂଷଙ୍କ ଅବଦାନ ରହିଛି। ୨୦୧୪ ନିର୍ବାଚନରେ 'ଅବ କି ବାର, ମୋଦି ସରକାର' ସ୍ଲୋଗାନ ରଚନା କରିଥିଲେ। ବିଜ୍ଞାପନ ଦୁନିଆରେ ତାଙ୍କ ଅବଦାନ ଅବିସ୍ମରଣୀୟ ବୋଲି ବିଭିନ୍ନ ମହଲରୁ ଶ୍ରଦ୍ଧାଞ୍ଜଳି ଜଣାଯାଇଛି।
